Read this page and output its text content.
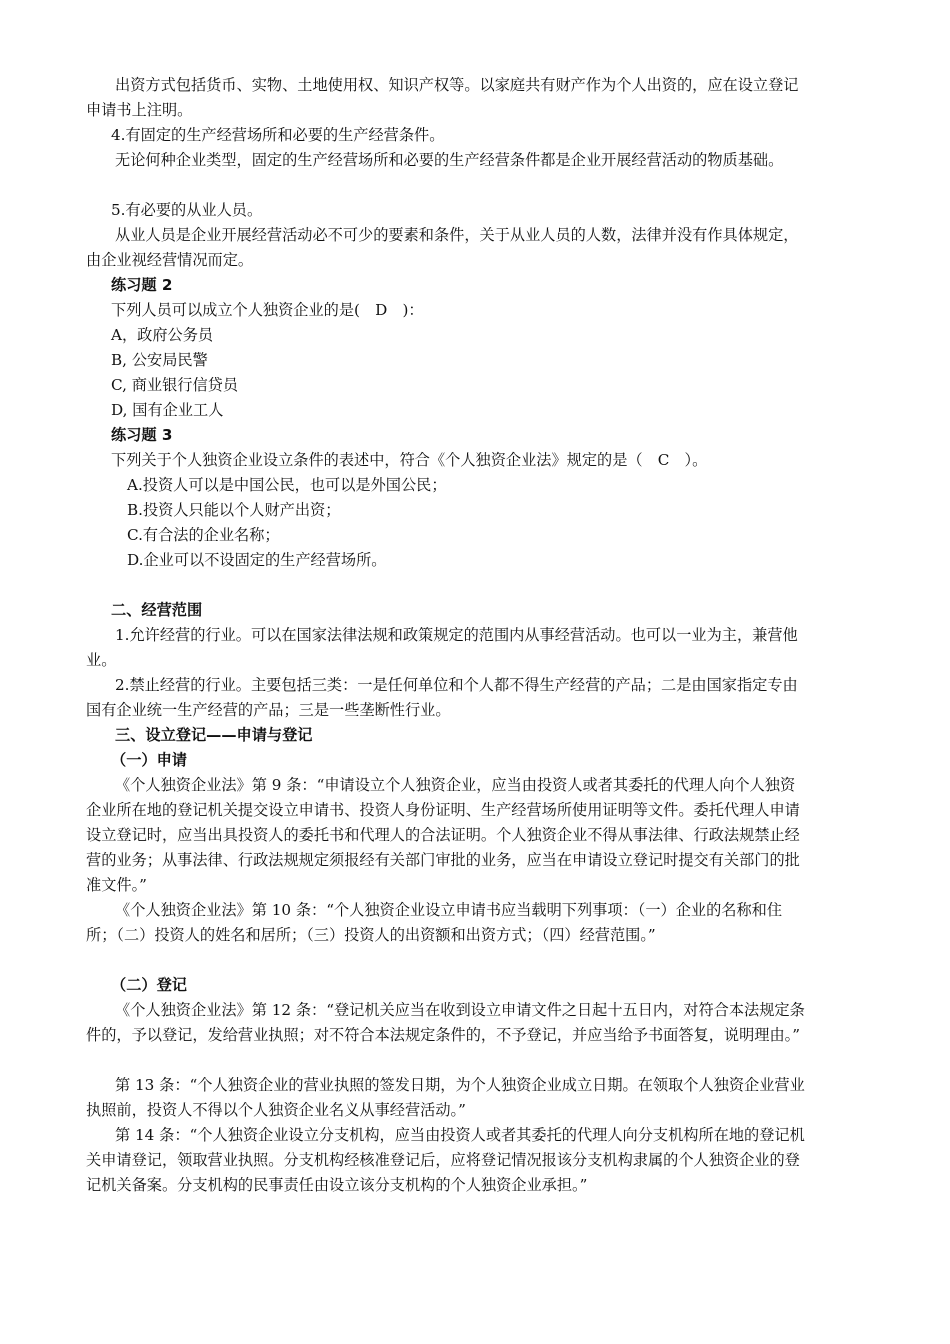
出资方式包括货币、实物、土地使用权、知识产权等。以家庭共有财产作为个人出资的，应在设立登记申请书上注明。

4.有固定的生产经营场所和必要的生产经营条件。

无论何种企业类型，固定的生产经营场所和必要的生产经营条件都是企业开展经营活动的物质基础。

5.有必要的从业人员。

从业人员是企业开展经营活动必不可少的要素和条件，关于从业人员的人数，法律并没有作具体规定，由企业视经营情况而定。

练习题 2

下列人员可以成立个人独资企业的是(　D　)：

A，政府公务员

B, 公安局民警

C, 商业银行信贷员

D, 国有企业工人

练习题 3

下列关于个人独资企业设立条件的表述中，符合《个人独资企业法》规定的是（　C　）。

A.投资人可以是中国公民，也可以是外国公民；

B.投资人只能以个人财产出资；

C.有合法的企业名称；

D.企业可以不设固定的生产经营场所。

二、经营范围

1.允许经营的行业。可以在国家法律法规和政策规定的范围内从事经营活动。也可以一业为主，兼营他业。

2.禁止经营的行业。主要包括三类：一是任何单位和个人都不得生产经营的产品；二是由国家指定专由国有企业统一生产经营的产品；三是一些垄断性行业。

三、设立登记——申请与登记

（一）申请

《个人独资企业法》第 9 条：“申请设立个人独资企业，应当由投资人或者其委托的代理人向个人独资企业所在地的登记机关提交设立申请书、投资人身份证明、生产经营场所使用证明等文件。委托代理人申请设立登记时，应当出具投资人的委托书和代理人的合法证明。个人独资企业不得从事法律、行政法规禁止经营的业务；从事法律、行政法规规定须报经有关部门审批的业务，应当在申请设立登记时提交有关部门的批准文件。”

《个人独资企业法》第 10 条：“个人独资企业设立申请书应当载明下列事项：（一）企业的名称和住所；（二）投资人的姓名和居所；（三）投资人的出资额和出资方式；（四）经营范围。”

（二）登记

《个人独资企业法》第 12 条：“登记机关应当在收到设立申请文件之日起十五日内，对符合本法规定条件的，予以登记，发给营业执照；对不符合本法规定条件的，不予登记，并应当给予书面答复，说明理由。”

第 13 条：“个人独资企业的营业执照的签发日期，为个人独资企业成立日期。在领取个人独资企业营业执照前，投资人不得以个人独资企业名义从事经营活动。”

第 14 条：“个人独资企业设立分支机构，应当由投资人或者其委托的代理人向分支机构所在地的登记机关申请登记，领取营业执照。分支机构经核准登记后，应将登记情况报该分支机构隶属的个人独资企业的登记机关备案。分支机构的民事责任由设立该分支机构的个人独资企业承担。”
